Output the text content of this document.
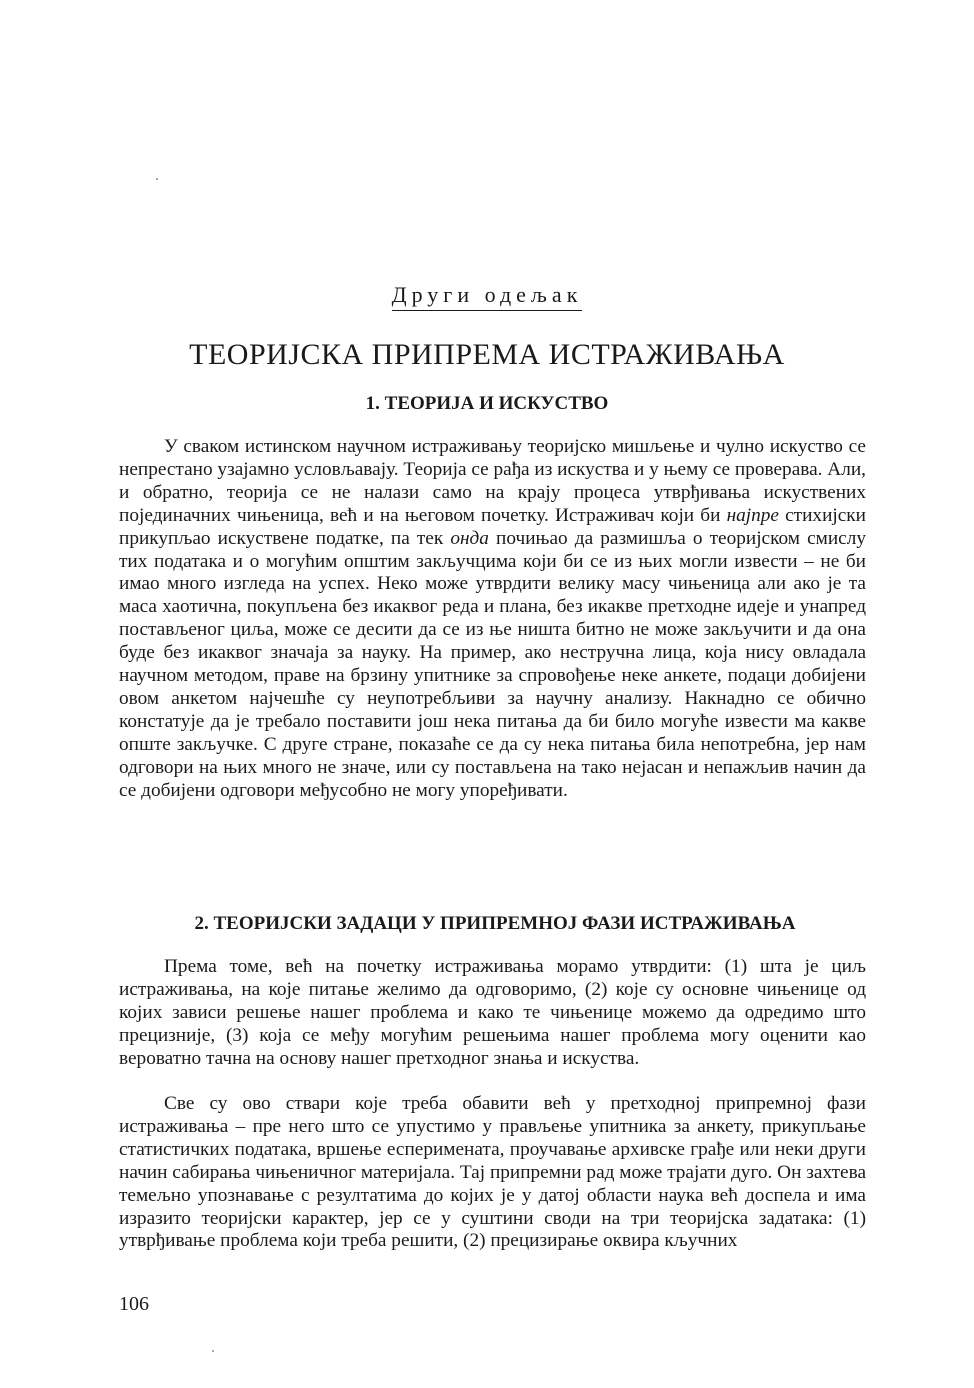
Други одељак
ТЕОРИЈСКА ПРИПРЕМА ИСТРАЖИВАЊА
1. ТЕОРИЈА И ИСКУСТВО

У сваком истинском научном истраживању теоријско мишљење и чулно искуство се непрестано узајамно условљавају. Теорија се рађа из искуства и у њему се проверава. Али, и обратно, теорија се не налази само на крају процеса утврђивања искуствених појединачних чињеница, већ и на његовом почетку. Истраживач који би најпре стихијски прикупљао искуствене податке, па тек онда почињао да размишља о теоријском смислу тих података и о могућим општим закључцима који би се из њих могли извести – не би имао много изгледа на успех. Неко може утврдити велику масу чињеница али ако је та маса хаотична, покупљена без икаквог реда и плана, без икакве претходне идеје и унапред постављеног циља, може се десити да се из ње ништа битно не може закључити и да она буде без икаквог значаја за науку. На пример, ако нестручна лица, која нису овладала научном методом, праве на брзину упитнике за спровођење неке анкете, подаци добијени овом анкетом најчешће су неупотребљиви за научну анализу. Накнадно се обично констатује да је требало поставити још нека питања да би било могуће извести ма какве опште закључке. С друге стране, показаће се да су нека питања била непотребна, јер нам одговори на њих много не значе, или су постављена на тако нејасан и непажљив начин да се добијени одговори међусобно не могу упоређивати.

2. ТЕОРИЈСКИ ЗАДАЦИ У ПРИПРЕМНОЈ ФАЗИ ИСТРАЖИВАЊА

Према томе, већ на почетку истраживања морамо утврдити: (1) шта је циљ истраживања, на које питање желимо да одговоримо, (2) које су основне чињенице од којих зависи решење нашег проблема и како те чињенице можемо да одредимо што прецизније, (3) која се међу могућим решењима нашег проблема могу оценити као вероватно тачна на основу нашег претходног знања и искуства.

Све су ово ствари које треба обавити већ у претходној припремној фази истраживања – пре него што се упустимо у прављење упитника за анкету, прикупљање статистичких података, вршење есперимената, проучавање архивске грађе или неки други начин сабирања чињеничног материјала. Тај припремни рад може трајати дуго. Он захтева темељно упознавање с резултатима до којих је у датој области наука већ доспела и има изразито теоријски карактер, јер се у суштини своди на три теоријска задатака: (1) утврђивање проблема који треба решити, (2) прецизирање оквира кључних

106
